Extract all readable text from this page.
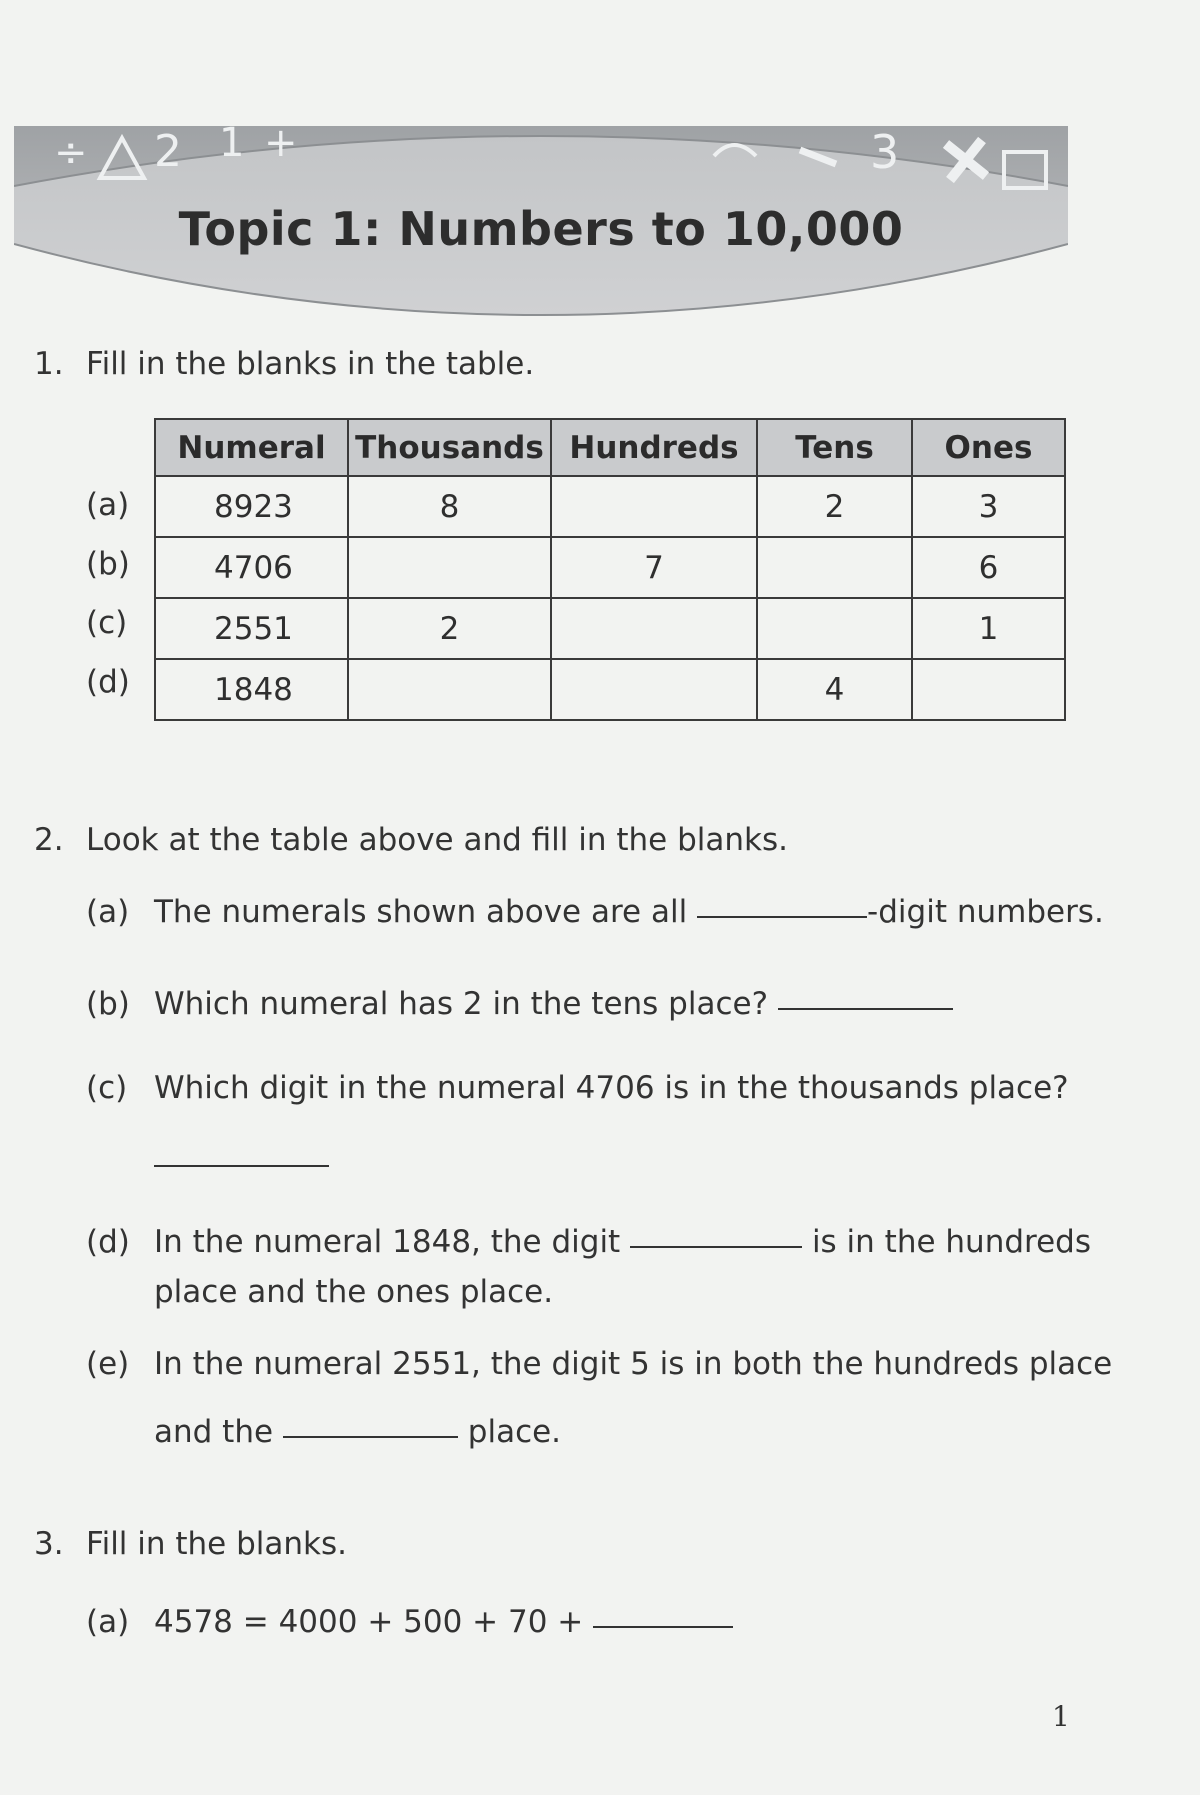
÷ 2 1 +	3
Topic 1: Numbers to 10,000
1. Fill in the blanks in the table.
(a)
(b)
(c)
(d)
Numeral	Thousands	Hundreds	Tens	Ones
8923	8		2	3
4706		7		6
2551	2			1
1848			4	
2. Look at the table above and fill in the blanks.
(a) The numerals shown above are all	-digit numbers.
(b) Which numeral has 2 in the tens place?
(c) Which digit in the numeral 4706 is in the thousands place?
(d) In the numeral 1848, the digit	is in the hundreds
place and the ones place.
(e) In the numeral 2551, the digit 5 is in both the hundreds place
and the	place.
3. Fill in the blanks.
(a) 4578 = 4000 + 500 + 70 +
1
